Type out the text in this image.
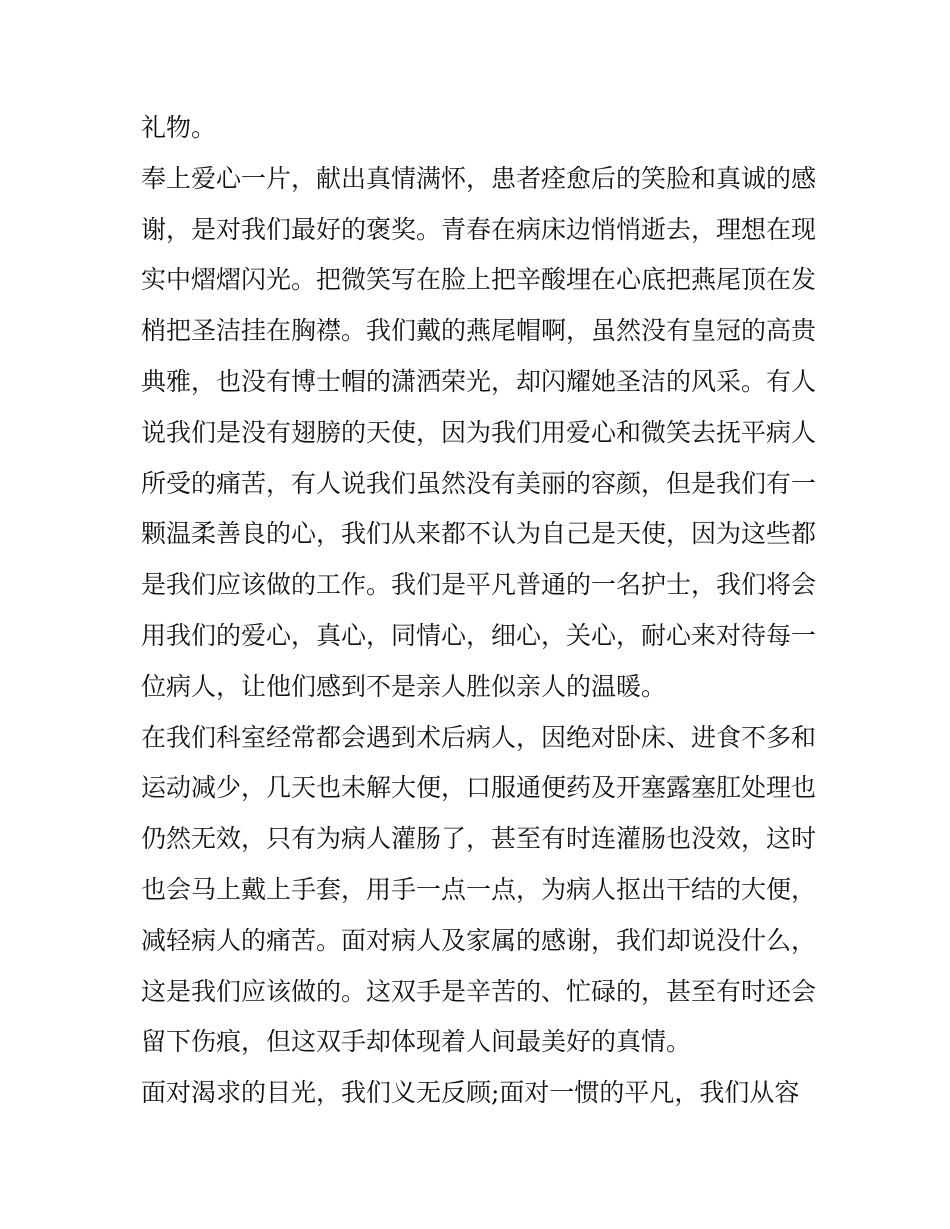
礼物。
奉上爱心一片，献出真情满怀，患者痊愈后的笑脸和真诚的感
谢，是对我们最好的褒奖。青春在病床边悄悄逝去，理想在现
实中熠熠闪光。把微笑写在脸上把辛酸埋在心底把燕尾顶在发
梢把圣洁挂在胸襟。我们戴的燕尾帽啊，虽然没有皇冠的高贵
典雅，也没有博士帽的潇洒荣光，却闪耀她圣洁的风采。有人
说我们是没有翅膀的天使，因为我们用爱心和微笑去抚平病人
所受的痛苦，有人说我们虽然没有美丽的容颜，但是我们有一
颗温柔善良的心，我们从来都不认为自己是天使，因为这些都
是我们应该做的工作。我们是平凡普通的一名护士，我们将会
用我们的爱心，真心，同情心，细心，关心，耐心来对待每一
位病人，让他们感到不是亲人胜似亲人的温暖。
在我们科室经常都会遇到术后病人，因绝对卧床、进食不多和
运动减少，几天也未解大便，口服通便药及开塞露塞肛处理也
仍然无效，只有为病人灌肠了，甚至有时连灌肠也没效，这时
也会马上戴上手套，用手一点一点，为病人抠出干结的大便，
减轻病人的痛苦。面对病人及家属的感谢，我们却说没什么，
这是我们应该做的。这双手是辛苦的、忙碌的，甚至有时还会
留下伤痕，但这双手却体现着人间最美好的真情。
面对渴求的目光，我们义无反顾;面对一惯的平凡，我们从容
